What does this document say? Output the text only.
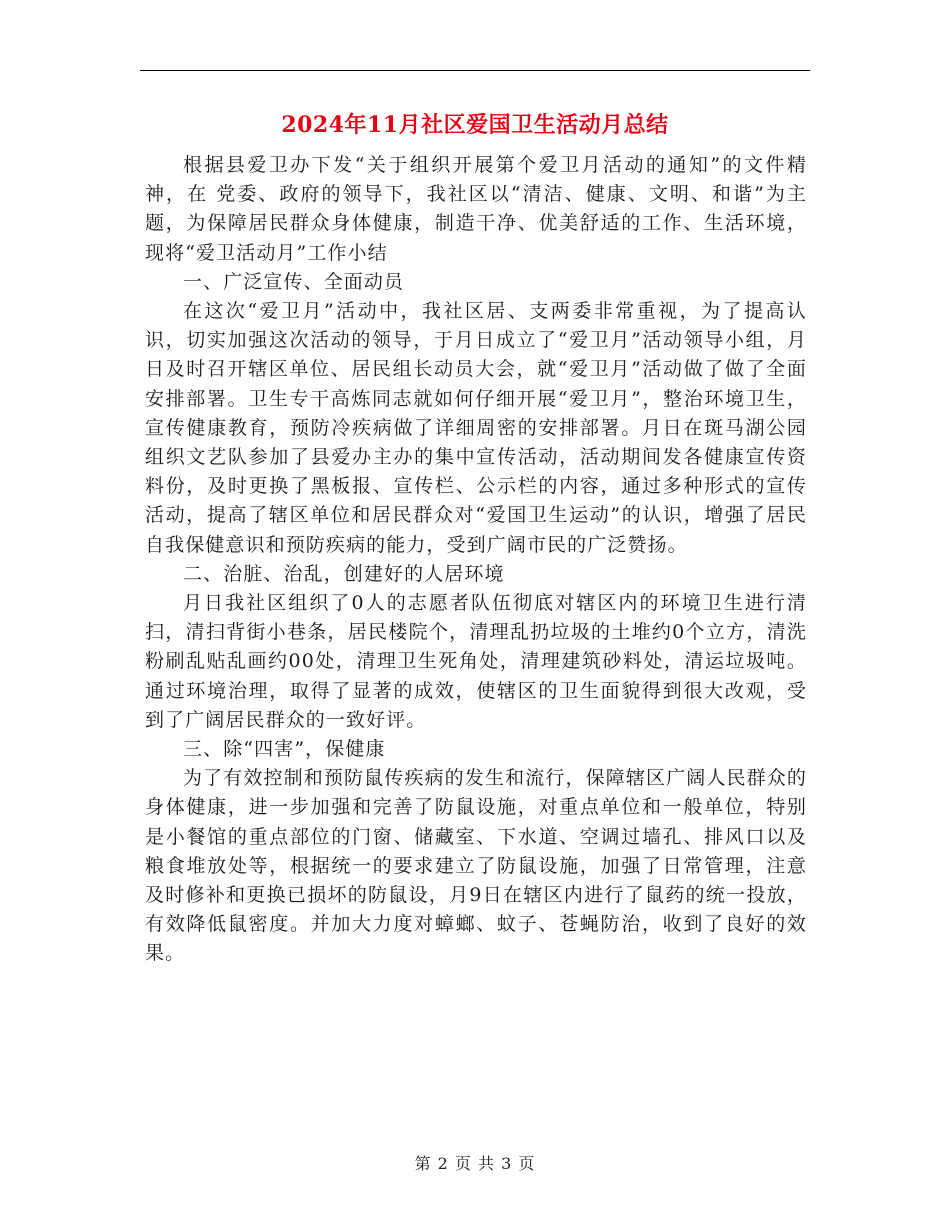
2024年11月社区爱国卫生活动月总结

根据县爱卫办下发“关于组织开展第个爱卫月活动的通知”的文件精神，在 党委、政府的领导下，我社区以“清洁、健康、文明、和谐”为主题，为保障居民群众身体健康，制造干净、优美舒适的工作、生活环境，现将“爱卫活动月”工作小结

一、广泛宣传、全面动员

在这次“爱卫月”活动中，我社区居、支两委非常重视，为了提高认识，切实加强这次活动的领导，于月日成立了“爱卫月”活动领导小组，月日及时召开辖区单位、居民组长动员大会，就“爱卫月”活动做了做了全面安排部署。卫生专干高炼同志就如何仔细开展“爱卫月”，整治环境卫生，宣传健康教育，预防冷疾病做了详细周密的安排部署。月日在斑马湖公园组织文艺队参加了县爱办主办的集中宣传活动，活动期间发各健康宣传资料份，及时更换了黑板报、宣传栏、公示栏的内容，通过多种形式的宣传活动，提高了辖区单位和居民群众对“爱国卫生运动”的认识，增强了居民自我保健意识和预防疾病的能力，受到广阔市民的广泛赞扬。

二、治脏、治乱，创建好的人居环境

月日我社区组织了0人的志愿者队伍彻底对辖区内的环境卫生进行清扫，清扫背街小巷条，居民楼院个，清理乱扔垃圾的土堆约0个立方，清洗粉刷乱贴乱画约00处，清理卫生死角处，清理建筑砂料处，清运垃圾吨。通过环境治理，取得了显著的成效，使辖区的卫生面貌得到很大改观，受到了广阔居民群众的一致好评。

三、除“四害”，保健康

为了有效控制和预防鼠传疾病的发生和流行，保障辖区广阔人民群众的身体健康，进一步加强和完善了防鼠设施，对重点单位和一般单位，特别是小餐馆的重点部位的门窗、储藏室、下水道、空调过墙孔、排风口以及粮食堆放处等，根据统一的要求建立了防鼠设施，加强了日常管理，注意及时修补和更换已损坏的防鼠设，月9日在辖区内进行了鼠药的统一投放，有效降低鼠密度。并加大力度对蟑螂、蚊子、苍蝇防治，收到了良好的效果。

第 2 页 共 3 页
